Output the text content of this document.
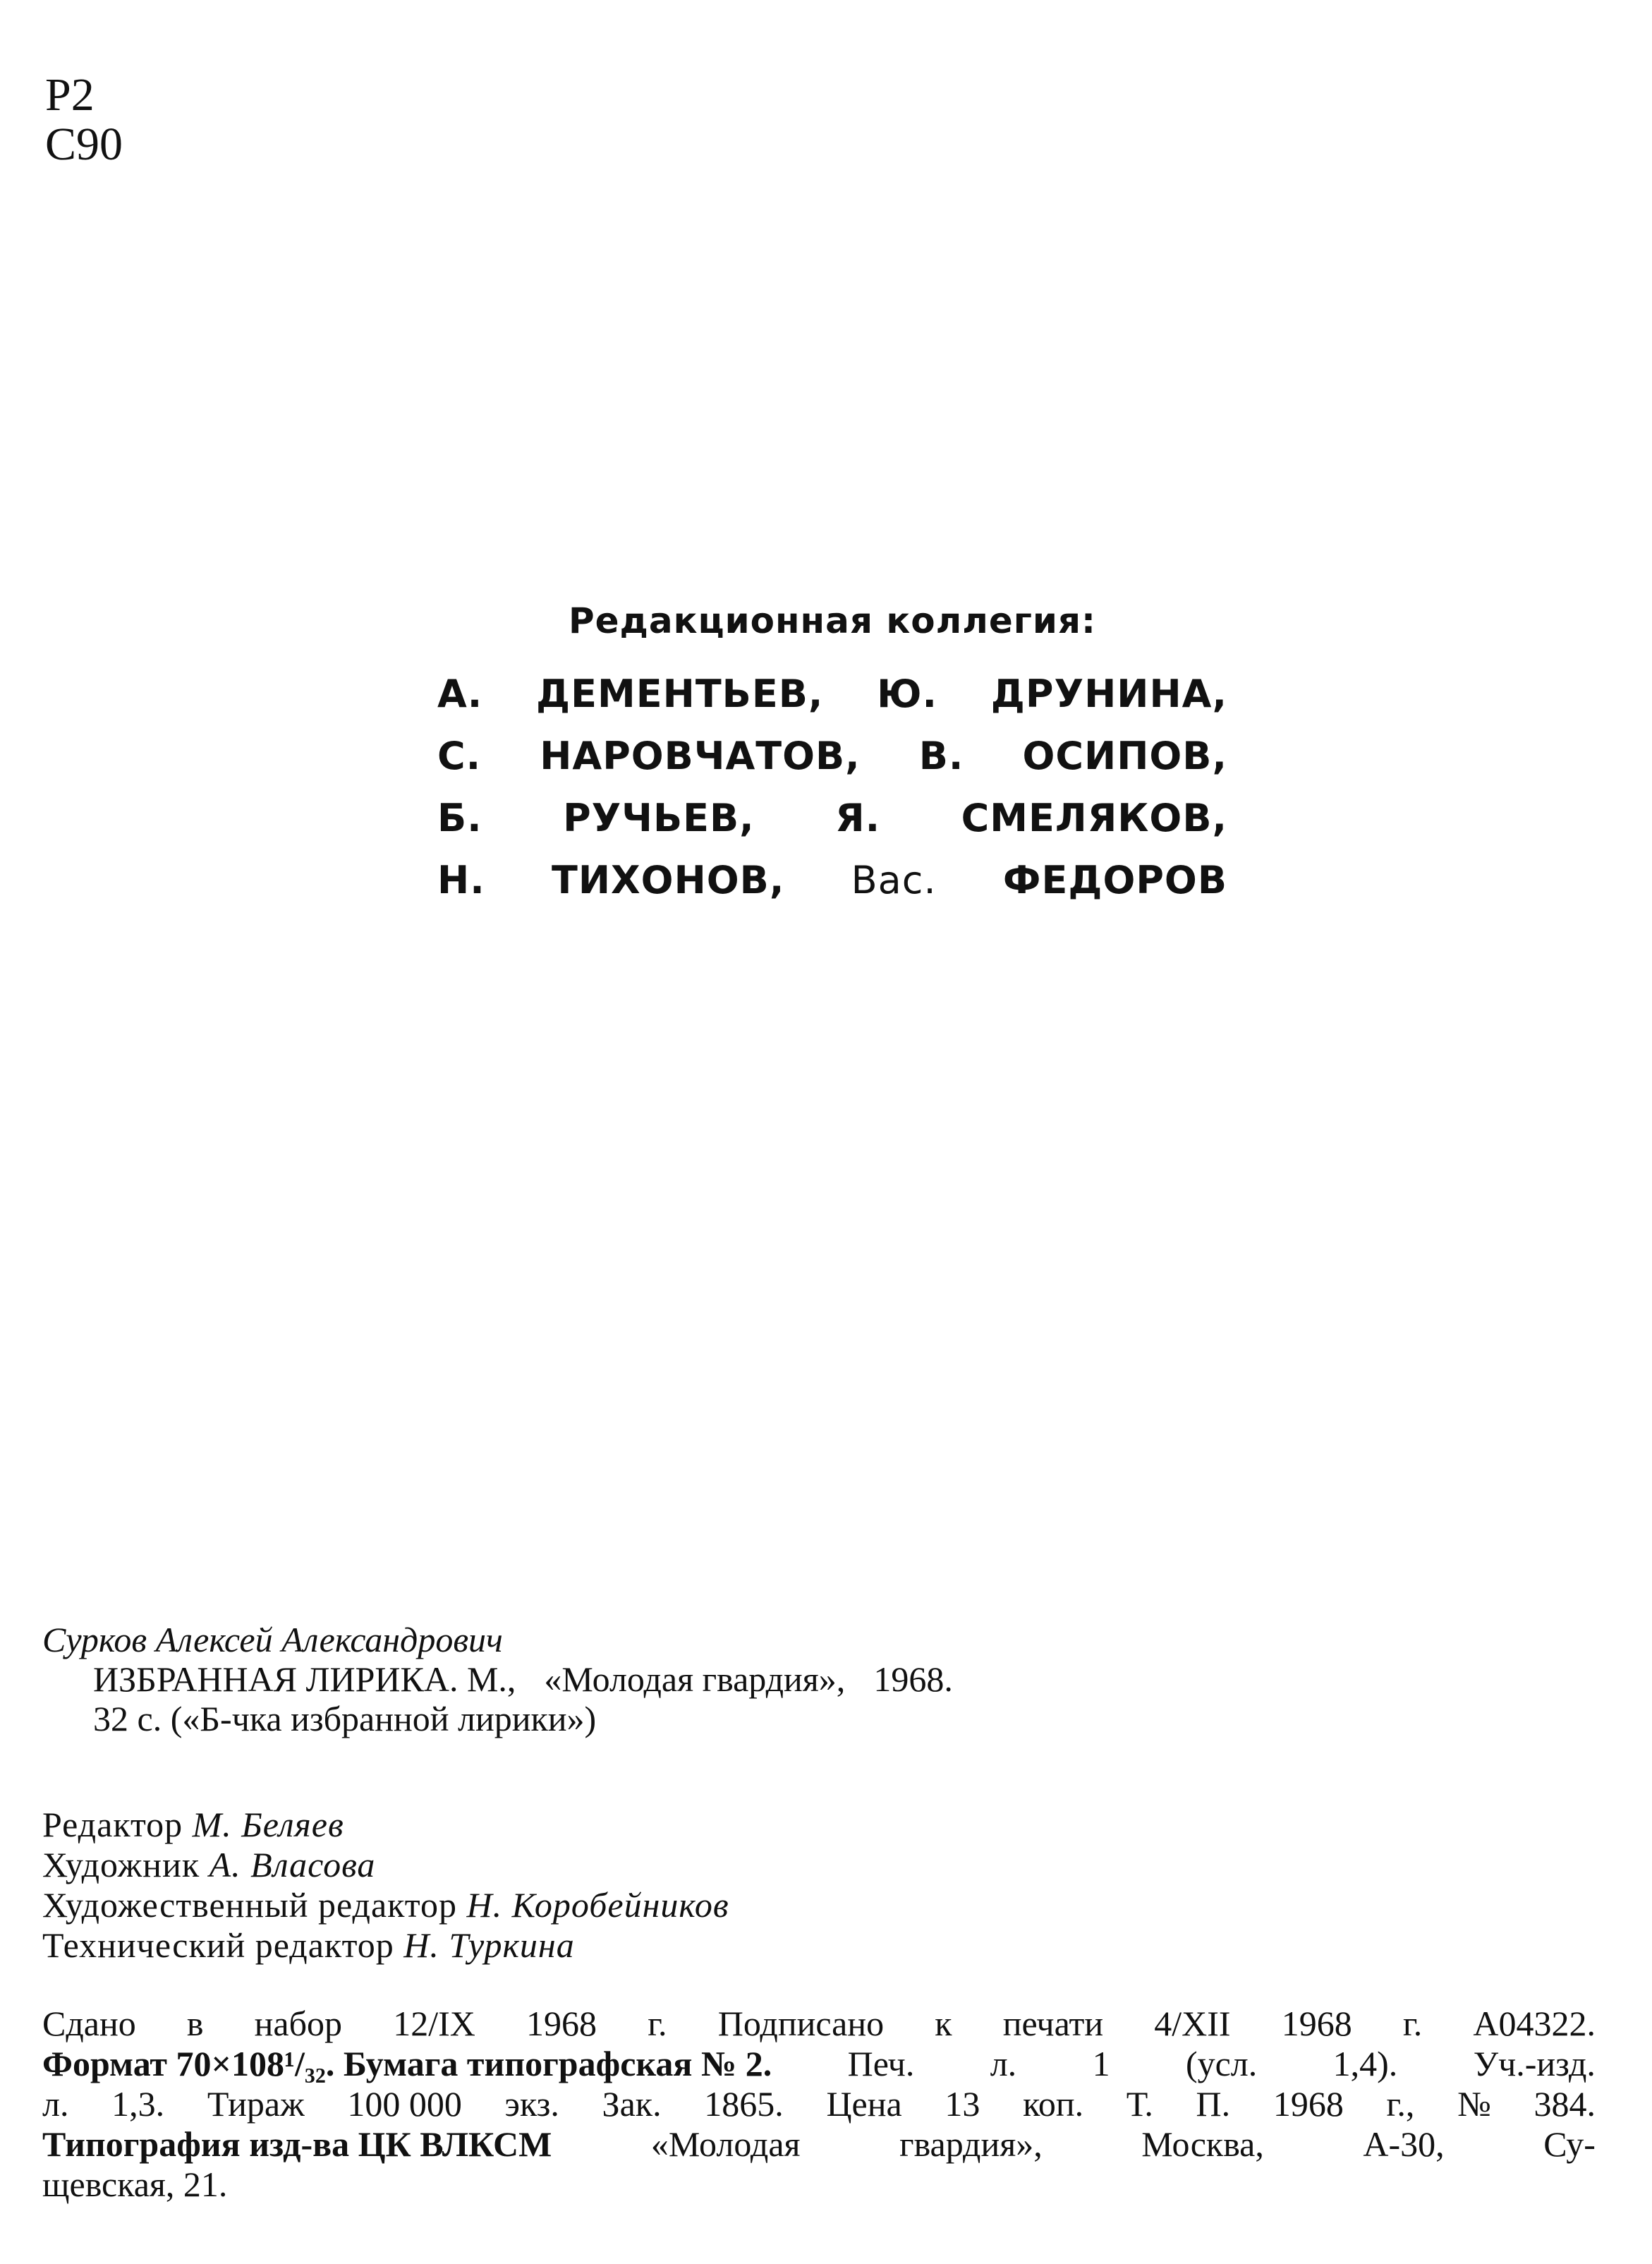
Р2
С90
Редакционная коллегия:
А. ДЕМЕНТЬЕВ, Ю. ДРУНИНА,
С. НАРОВЧАТОВ, В. ОСИПОВ,
Б. РУЧЬЕВ, Я. СМЕЛЯКОВ,
Н. ТИХОНОВ, Вас. ФЕДОРОВ
Сурков Алексей Александрович
ИЗБРАННАЯ ЛИРИКА. М., «Молодая гвардия», 1968.
32 с. («Б-чка избранной лирики»)
Редактор М. Беляев
Художник А. Власова
Художественный редактор Н. Коробейников
Технический редактор Н. Туркина
Сдано в набор 12/IX 1968 г. Подписано к печати 4/XII 1968 г. А04322.
Формат 70×108¹/₃₂. Бумага типографская № 2. Печ. л. 1 (усл. 1,4). Уч.-изд.
л. 1,3. Тираж 100 000 экз. Зак. 1865. Цена 13 коп. Т. П. 1968 г., № 384.
Типография изд-ва ЦК ВЛКСМ	«Молодая	гвардия»,	Москва,	А-30,	Су-
щевская, 21.
